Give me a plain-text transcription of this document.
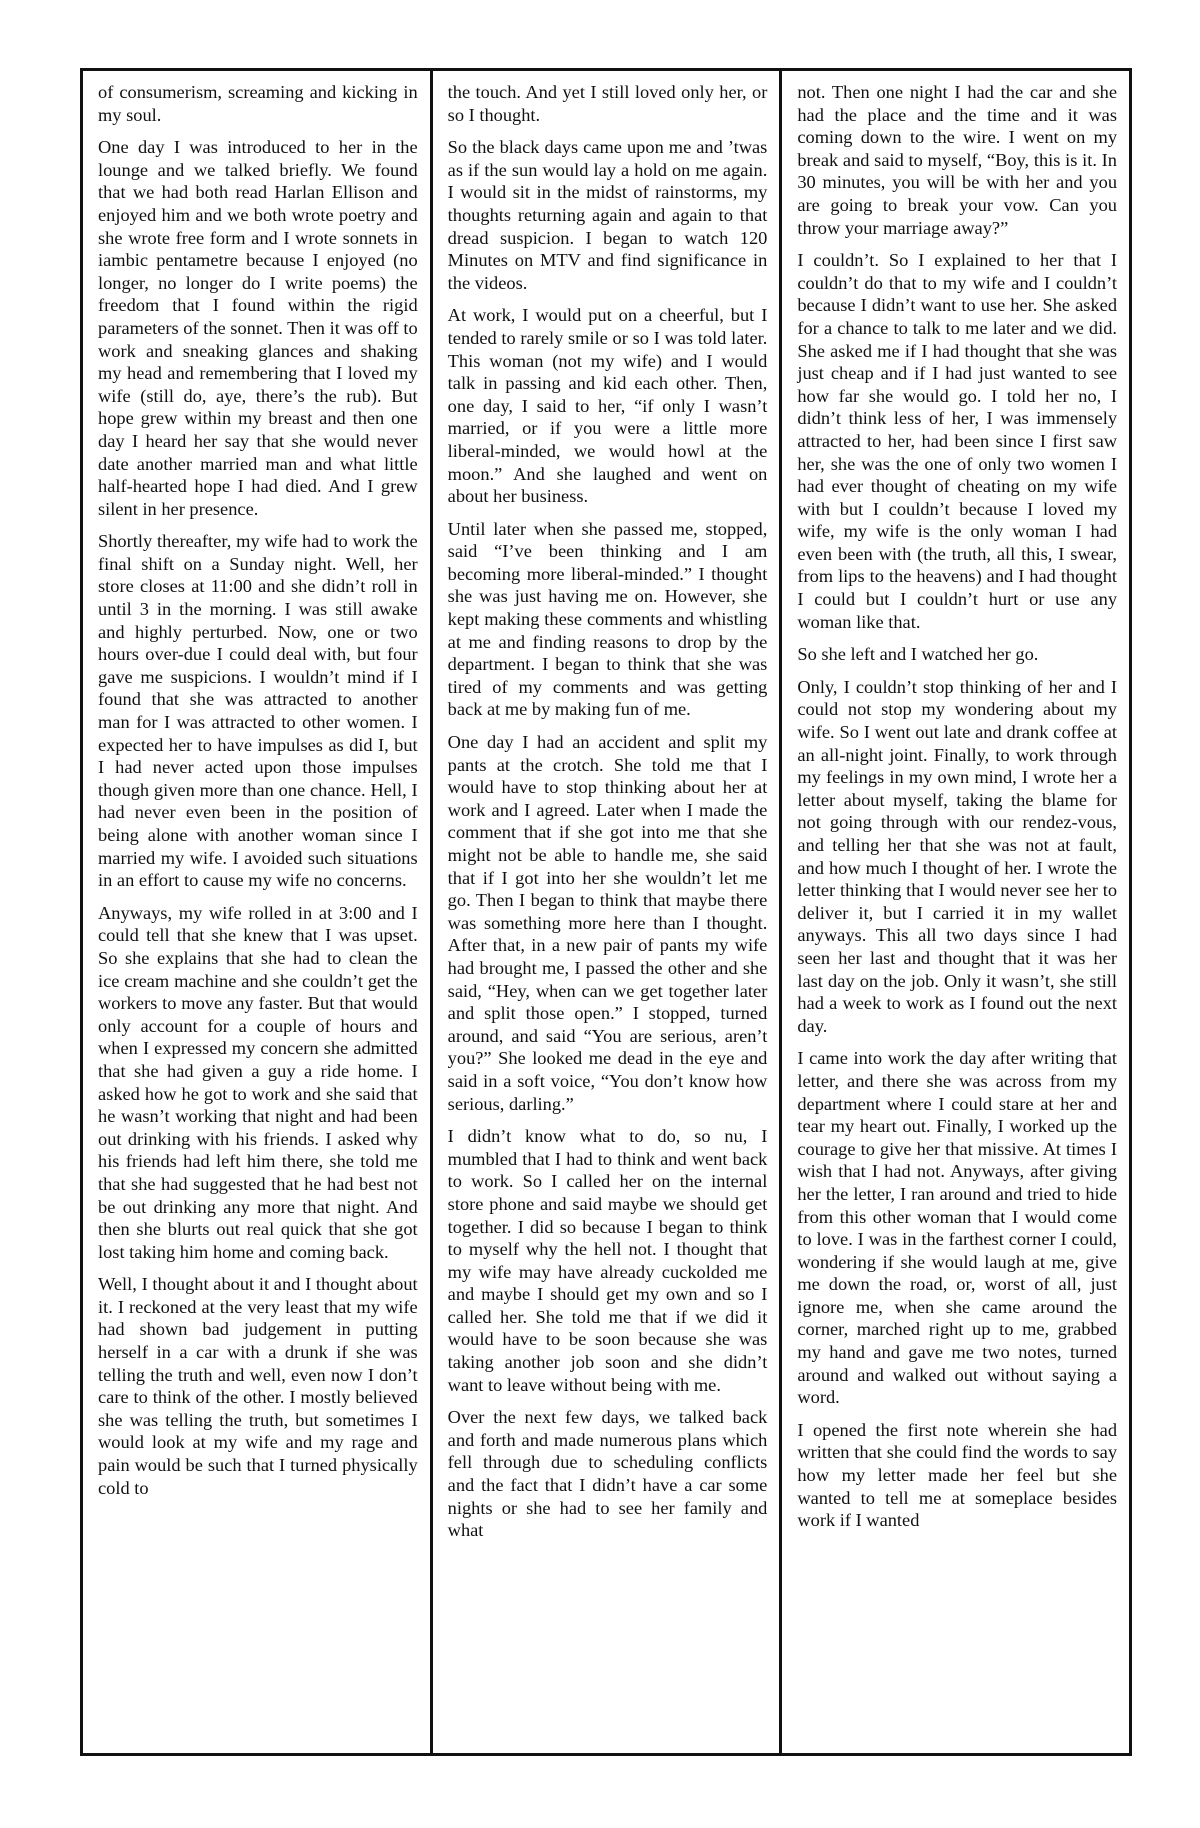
of consumerism, screaming and kicking in my soul.

One day I was introduced to her in the lounge and we talked briefly. We found that we had both read Harlan Ellison and enjoyed him and we both wrote poetry and she wrote free form and I wrote sonnets in iambic pentametre because I enjoyed (no longer, no longer do I write poems) the freedom that I found within the rigid parameters of the sonnet. Then it was off to work and sneaking glances and shaking my head and remembering that I loved my wife (still do, aye, there’s the rub). But hope grew within my breast and then one day I heard her say that she would never date another married man and what little half-hearted hope I had died. And I grew silent in her presence.

Shortly thereafter, my wife had to work the final shift on a Sunday night. Well, her store closes at 11:00 and she didn’t roll in until 3 in the morning. I was still awake and highly perturbed. Now, one or two hours over-due I could deal with, but four gave me suspicions. I wouldn’t mind if I found that she was attracted to another man for I was attracted to other women. I expected her to have impulses as did I, but I had never acted upon those impulses though given more than one chance. Hell, I had never even been in the position of being alone with another woman since I married my wife. I avoided such situations in an effort to cause my wife no concerns.

Anyways, my wife rolled in at 3:00 and I could tell that she knew that I was upset. So she explains that she had to clean the ice cream machine and she couldn’t get the workers to move any faster. But that would only account for a couple of hours and when I expressed my concern she admitted that she had given a guy a ride home. I asked how he got to work and she said that he wasn’t working that night and had been out drinking with his friends. I asked why his friends had left him there, she told me that she had suggested that he had best not be out drinking any more that night. And then she blurts out real quick that she got lost taking him home and coming back.

Well, I thought about it and I thought about it. I reckoned at the very least that my wife had shown bad judgement in putting herself in a car with a drunk if she was telling the truth and well, even now I don’t care to think of the other. I mostly believed she was telling the truth, but sometimes I would look at my wife and my rage and pain would be such that I turned physically cold to

the touch. And yet I still loved only her, or so I thought.

So the black days came upon me and ’twas as if the sun would lay a hold on me again. I would sit in the midst of rainstorms, my thoughts returning again and again to that dread suspicion. I began to watch 120 Minutes on MTV and find significance in the videos.

At work, I would put on a cheerful, but I tended to rarely smile or so I was told later. This woman (not my wife) and I would talk in passing and kid each other. Then, one day, I said to her, “if only I wasn’t married, or if you were a little more liberal-minded, we would howl at the moon.” And she laughed and went on about her business.

Until later when she passed me, stopped, said “I’ve been thinking and I am becoming more liberal-minded.” I thought she was just having me on. However, she kept making these comments and whistling at me and finding reasons to drop by the department. I began to think that she was tired of my comments and was getting back at me by making fun of me.

One day I had an accident and split my pants at the crotch. She told me that I would have to stop thinking about her at work and I agreed. Later when I made the comment that if she got into me that she might not be able to handle me, she said that if I got into her she wouldn’t let me go. Then I began to think that maybe there was something more here than I thought. After that, in a new pair of pants my wife had brought me, I passed the other and she said, “Hey, when can we get together later and split those open.” I stopped, turned around, and said “You are serious, aren’t you?” She looked me dead in the eye and said in a soft voice, “You don’t know how serious, darling.”

I didn’t know what to do, so nu, I mumbled that I had to think and went back to work. So I called her on the internal store phone and said maybe we should get together. I did so because I began to think to myself why the hell not. I thought that my wife may have already cuckolded me and maybe I should get my own and so I called her. She told me that if we did it would have to be soon because she was taking another job soon and she didn’t want to leave without being with me.

Over the next few days, we talked back and forth and made numerous plans which fell through due to scheduling conflicts and the fact that I didn’t have a car some nights or she had to see her family and what

not. Then one night I had the car and she had the place and the time and it was coming down to the wire. I went on my break and said to myself, “Boy, this is it. In 30 minutes, you will be with her and you are going to break your vow. Can you throw your marriage away?”

I couldn’t. So I explained to her that I couldn’t do that to my wife and I couldn’t because I didn’t want to use her. She asked for a chance to talk to me later and we did. She asked me if I had thought that she was just cheap and if I had just wanted to see how far she would go. I told her no, I didn’t think less of her, I was immensely attracted to her, had been since I first saw her, she was the one of only two women I had ever thought of cheating on my wife with but I couldn’t because I loved my wife, my wife is the only woman I had even been with (the truth, all this, I swear, from lips to the heavens) and I had thought I could but I couldn’t hurt or use any woman like that.

So she left and I watched her go.

Only, I couldn’t stop thinking of her and I could not stop my wondering about my wife. So I went out late and drank coffee at an all-night joint. Finally, to work through my feelings in my own mind, I wrote her a letter about myself, taking the blame for not going through with our rendez-vous, and telling her that she was not at fault, and how much I thought of her. I wrote the letter thinking that I would never see her to deliver it, but I carried it in my wallet anyways. This all two days since I had seen her last and thought that it was her last day on the job. Only it wasn’t, she still had a week to work as I found out the next day.

I came into work the day after writing that letter, and there she was across from my department where I could stare at her and tear my heart out. Finally, I worked up the courage to give her that missive. At times I wish that I had not. Anyways, after giving her the letter, I ran around and tried to hide from this other woman that I would come to love. I was in the farthest corner I could, wondering if she would laugh at me, give me down the road, or, worst of all, just ignore me, when she came around the corner, marched right up to me, grabbed my hand and gave me two notes, turned around and walked out without saying a word.

I opened the first note wherein she had written that she could find the words to say how my letter made her feel but she wanted to tell me at someplace besides work if I wanted
